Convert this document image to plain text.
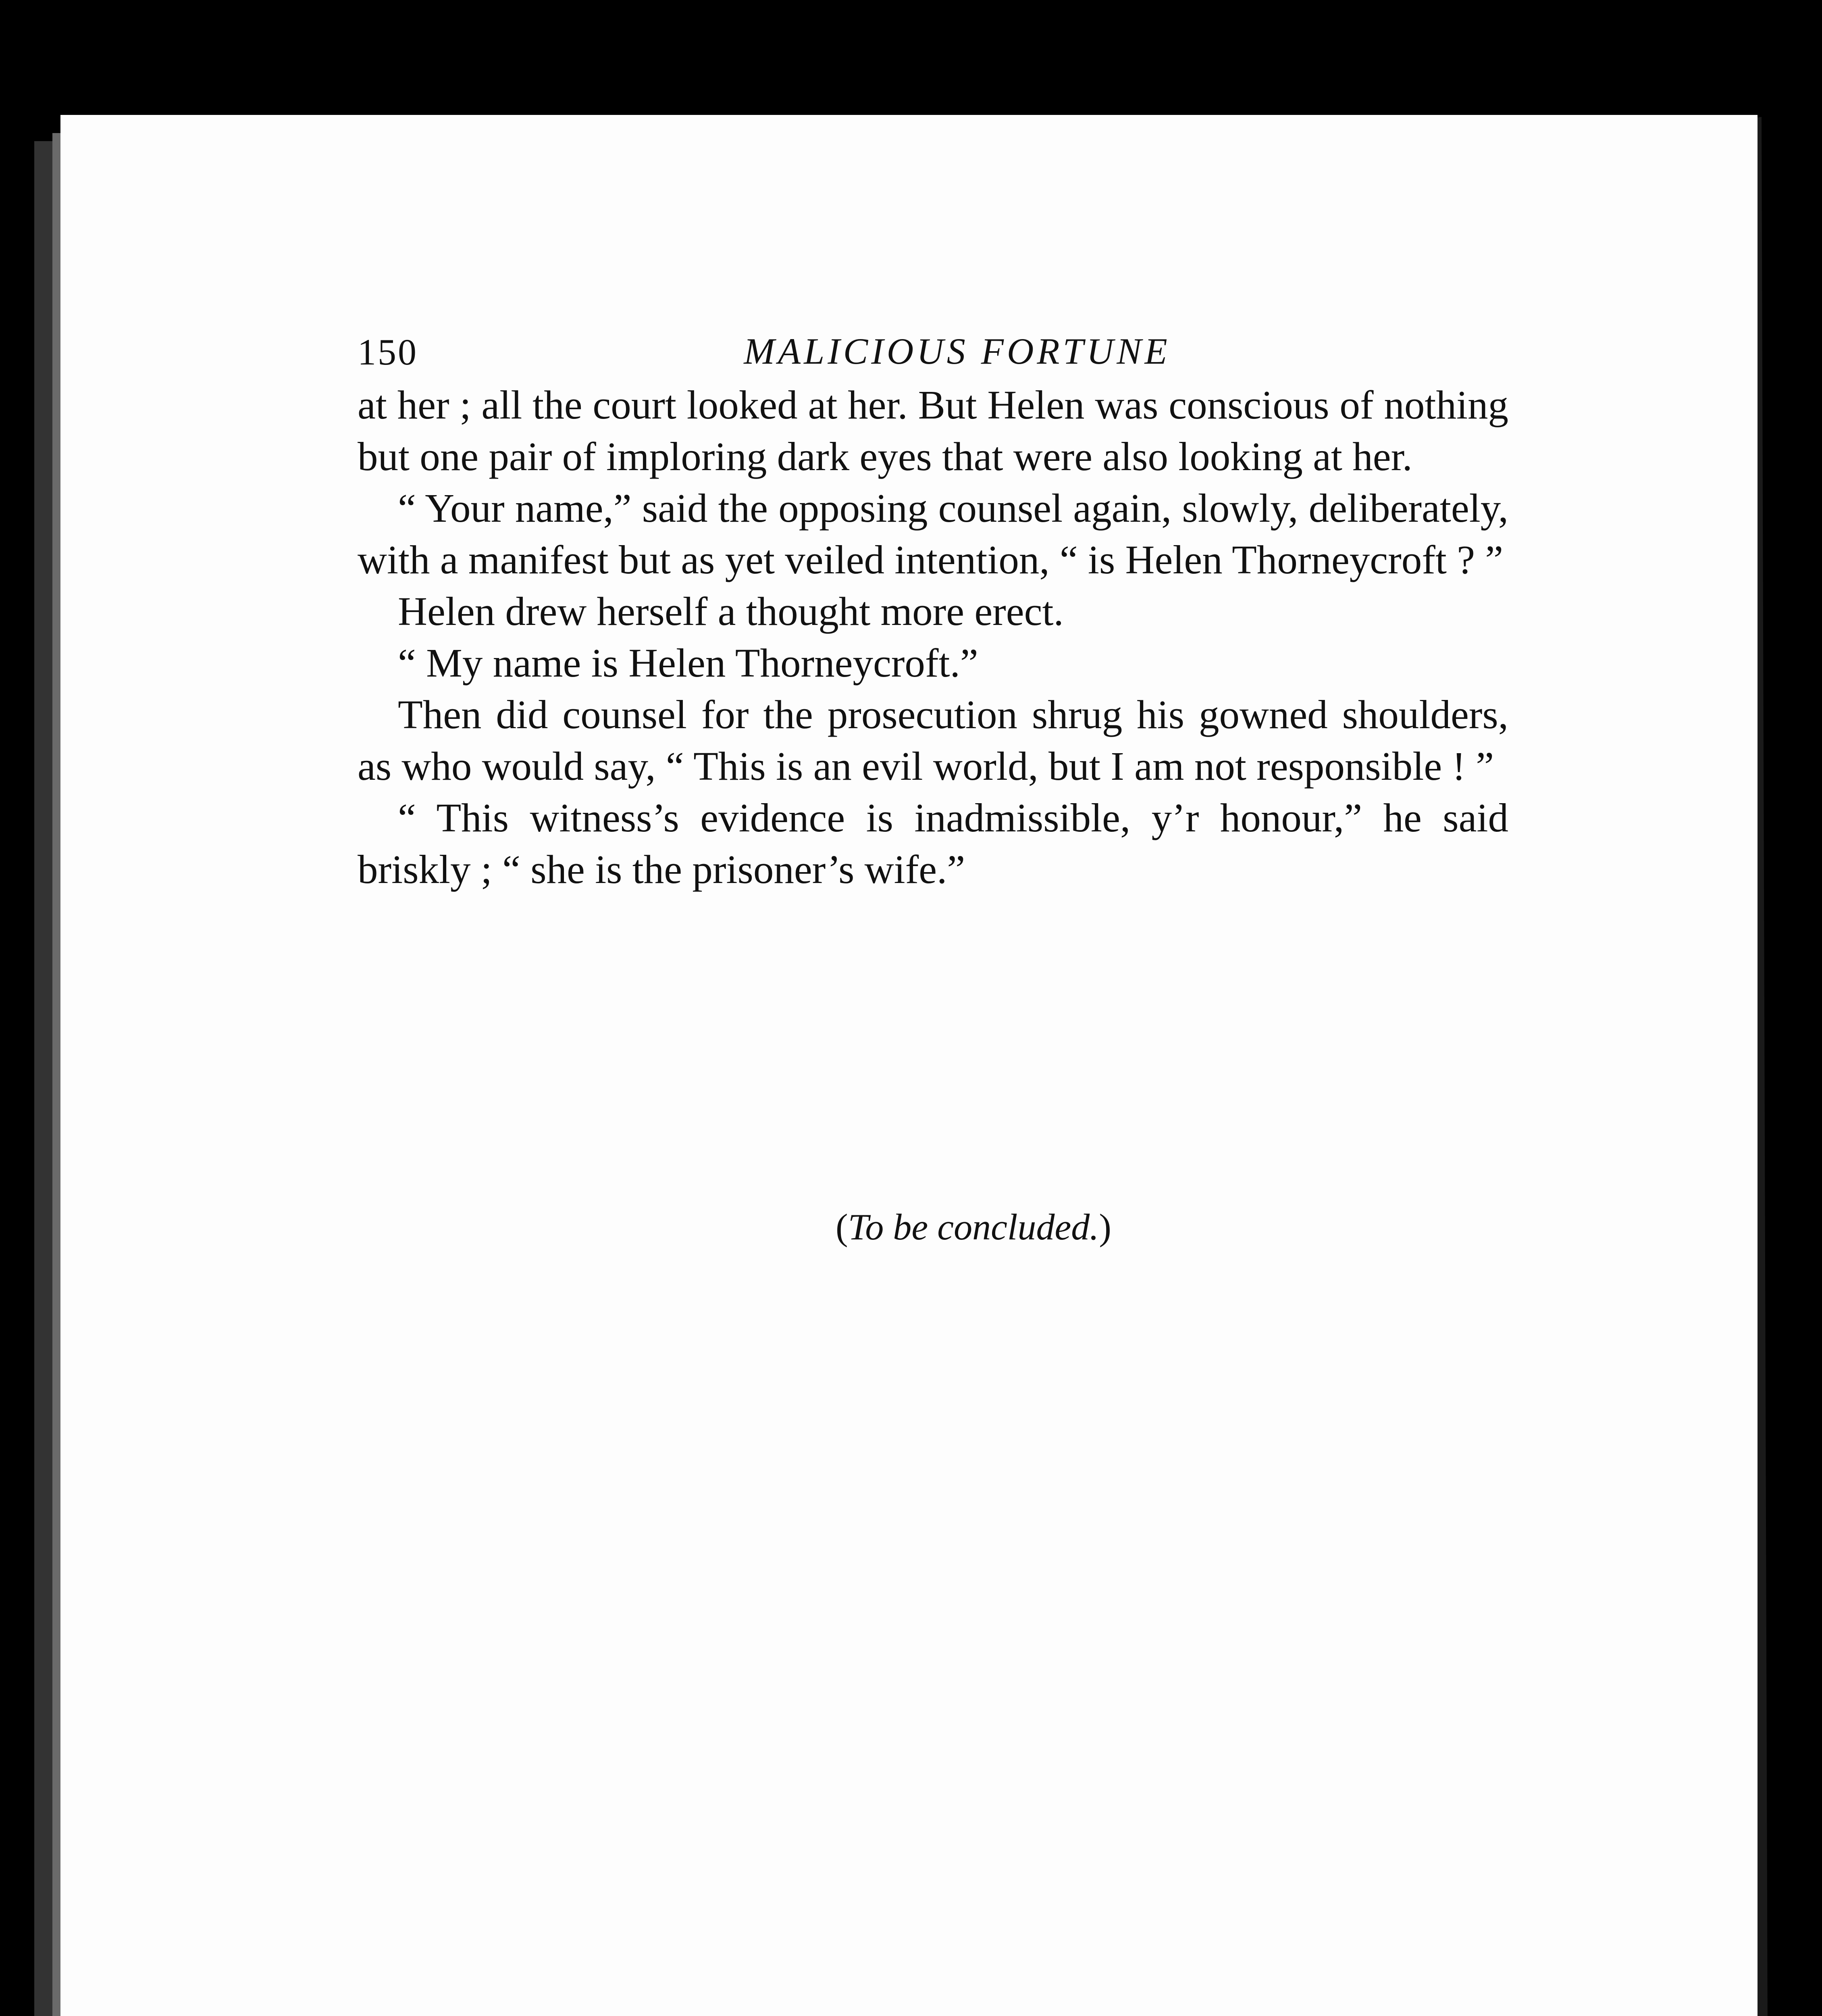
150	MALICIOUS FORTUNE

at her ; all the court looked at her. But Helen was conscious of nothing but one pair of imploring dark eyes that were also looking at her.

“ Your name,” said the opposing counsel again, slowly, deliberately, with a manifest but as yet veiled intention, “ is Helen Thorneycroft ? ”

Helen drew herself a thought more erect.

“ My name is Helen Thorneycroft.”

Then did counsel for the prosecution shrug his gowned shoulders, as who would say, “ This is an evil world, but I am not responsible ! ”

“ This witness’s evidence is inadmissible, y’r honour,” he said briskly ; “ she is the prisoner’s wife.”

(To be concluded.)
